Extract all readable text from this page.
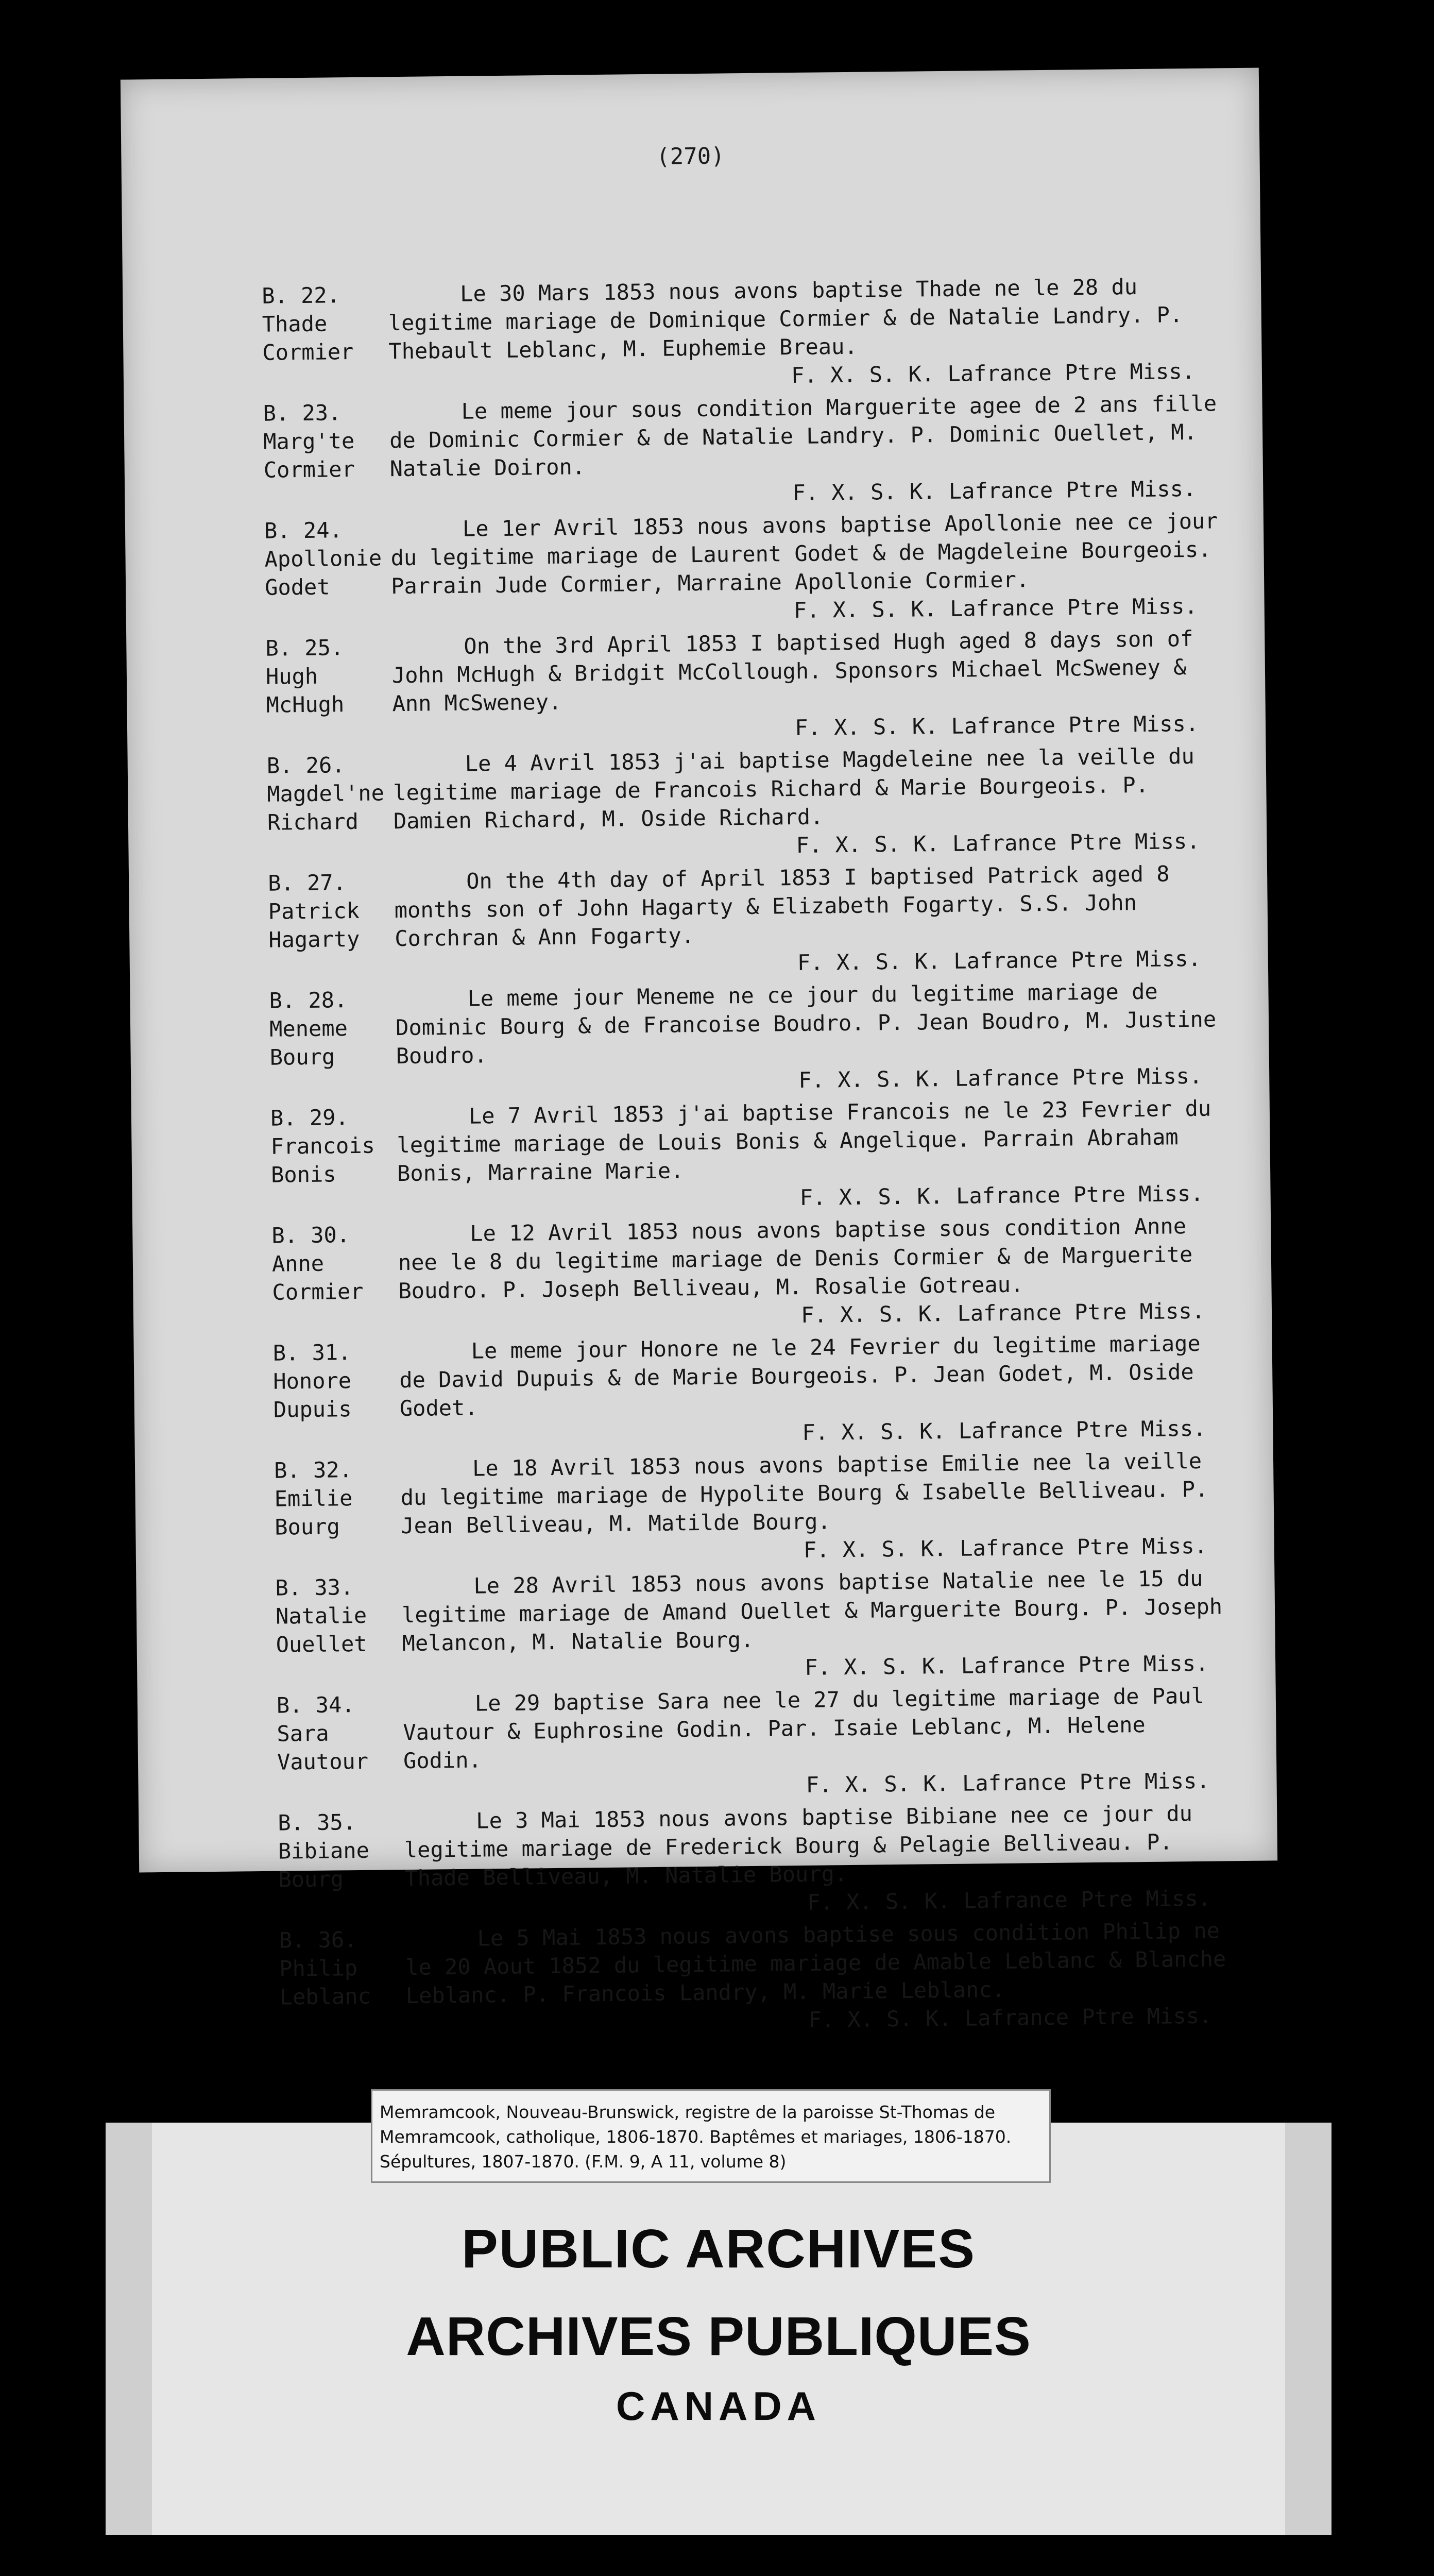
(270)
B. 22.
Thade
Cormier
Le 30 Mars 1853 nous avons baptise Thade ne le 28 du legitime mariage de Dominique Cormier & de Natalie Landry. P. Thebault Leblanc, M. Euphemie Breau.
F. X. S. K. Lafrance Ptre Miss.
B. 23.
Marg'te
Cormier
Le meme jour sous condition Marguerite agee de 2 ans fille de Dominic Cormier & de Natalie Landry. P. Dominic Ouellet, M. Natalie Doiron.
F. X. S. K. Lafrance Ptre Miss.
B. 24.
Apollonie
Godet
Le 1er Avril 1853 nous avons baptise Apollonie nee ce jour du legitime mariage de Laurent Godet & de Magdeleine Bourgeois. Parrain Jude Cormier, Marraine Apollonie Cormier.
F. X. S. K. Lafrance Ptre Miss.
B. 25.
Hugh
McHugh
On the 3rd April 1853 I baptised Hugh aged 8 days son of John McHugh & Bridgit McCollough. Sponsors Michael McSweney & Ann McSweney.
F. X. S. K. Lafrance Ptre Miss.
B. 26.
Magdel'ne
Richard
Le 4 Avril 1853 j'ai baptise Magdeleine nee la veille du legitime mariage de Francois Richard & Marie Bourgeois. P. Damien Richard, M. Oside Richard.
F. X. S. K. Lafrance Ptre Miss.
B. 27.
Patrick
Hagarty
On the 4th day of April 1853 I baptised Patrick aged 8 months son of John Hagarty & Elizabeth Fogarty. S.S. John Corchran & Ann Fogarty.
F. X. S. K. Lafrance Ptre Miss.
B. 28.
Meneme
Bourg
Le meme jour Meneme ne ce jour du legitime mariage de Dominic Bourg & de Francoise Boudro. P. Jean Boudro, M. Justine Boudro.
F. X. S. K. Lafrance Ptre Miss.
B. 29.
Francois
Bonis
Le 7 Avril 1853 j'ai baptise Francois ne le 23 Fevrier du legitime mariage de Louis Bonis & Angelique. Parrain Abraham Bonis, Marraine Marie.
F. X. S. K. Lafrance Ptre Miss.
B. 30.
Anne
Cormier
Le 12 Avril 1853 nous avons baptise sous condition Anne nee le 8 du legitime mariage de Denis Cormier & de Marguerite Boudro. P. Joseph Belliveau, M. Rosalie Gotreau.
F. X. S. K. Lafrance Ptre Miss.
B. 31.
Honore
Dupuis
Le meme jour Honore ne le 24 Fevrier du legitime mariage de David Dupuis & de Marie Bourgeois. P. Jean Godet, M. Oside Godet.
F. X. S. K. Lafrance Ptre Miss.
B. 32.
Emilie
Bourg
Le 18 Avril 1853 nous avons baptise Emilie nee la veille du legitime mariage de Hypolite Bourg & Isabelle Belliveau. P. Jean Belliveau, M. Matilde Bourg.
F. X. S. K. Lafrance Ptre Miss.
B. 33.
Natalie
Ouellet
Le 28 Avril 1853 nous avons baptise Natalie nee le 15 du legitime mariage de Amand Ouellet & Marguerite Bourg. P. Joseph Melancon, M. Natalie Bourg.
F. X. S. K. Lafrance Ptre Miss.
B. 34.
Sara
Vautour
Le 29 baptise Sara nee le 27 du legitime mariage de Paul Vautour & Euphrosine Godin. Par. Isaie Leblanc, M. Helene Godin.
F. X. S. K. Lafrance Ptre Miss.
B. 35.
Bibiane
Bourg
Le 3 Mai 1853 nous avons baptise Bibiane nee ce jour du legitime mariage de Frederick Bourg & Pelagie Belliveau. P. Thade Belliveau, M. Natalie Bourg.
F. X. S. K. Lafrance Ptre Miss.
B. 36.
Philip
Leblanc
Le 5 Mai 1853 nous avons baptise sous condition Philip ne le 20 Aout 1852 du legitime mariage de Amable Leblanc & Blanche Leblanc. P. Francois Landry, M. Marie Leblanc.
F. X. S. K. Lafrance Ptre Miss.
Memramcook, Nouveau-Brunswick, registre de la paroisse St-Thomas de Memramcook, catholique, 1806-1870. Baptêmes et mariages, 1806-1870. Sépultures, 1807-1870. (F.M. 9, A 11, volume 8)
PUBLIC ARCHIVES
ARCHIVES PUBLIQUES
CANADA
